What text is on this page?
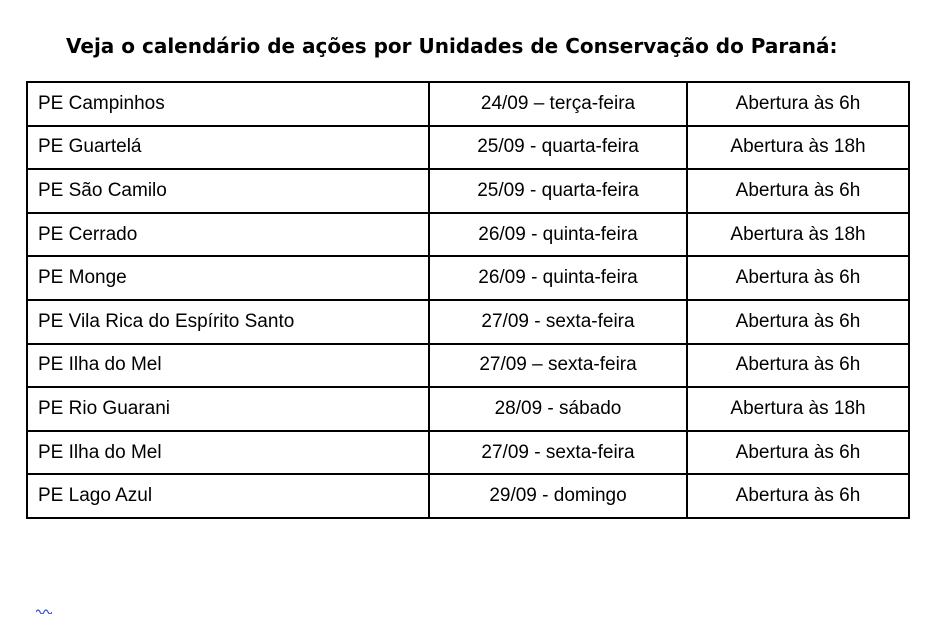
Veja o calendário de ações por Unidades de Conservação do Paraná:
PE Campinhos	24/09 – terça-feira	Abertura às 6h
PE Guartelá	25/09 - quarta-feira	Abertura às 18h
PE São Camilo	25/09 - quarta-feira	Abertura às 6h
PE Cerrado	26/09 - quinta-feira	Abertura às 18h
PE Monge	26/09 - quinta-feira	Abertura às 6h
PE Vila Rica do Espírito Santo	27/09 - sexta-feira	Abertura às 6h
PE Ilha do Mel	27/09 – sexta-feira	Abertura às 6h
PE Rio Guarani	28/09 - sábado	Abertura às 18h
PE Ilha do Mel	27/09 - sexta-feira	Abertura às 6h
PE Lago Azul	29/09 - domingo	Abertura às 6h
